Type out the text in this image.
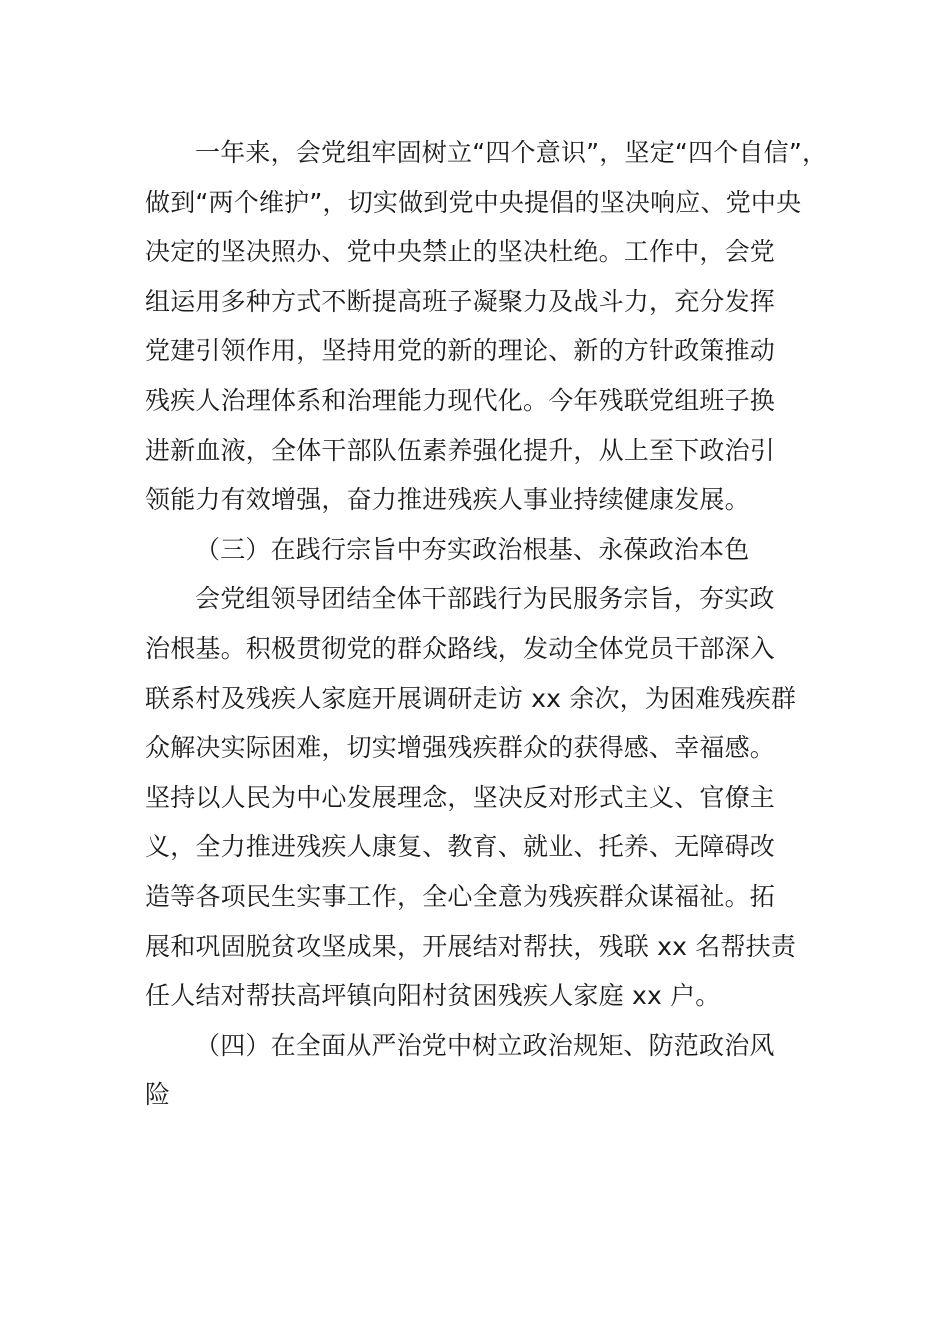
一年来，会党组牢固树立“四个意识”，坚定“四个自信”，
做到“两个维护”，切实做到党中央提倡的坚决响应、党中央
决定的坚决照办、党中央禁止的坚决杜绝。工作中，会党
组运用多种方式不断提高班子凝聚力及战斗力，充分发挥
党建引领作用，坚持用党的新的理论、新的方针政策推动
残疾人治理体系和治理能力现代化。今年残联党组班子换
进新血液，全体干部队伍素养强化提升，从上至下政治引
领能力有效增强，奋力推进残疾人事业持续健康发展。
（三）在践行宗旨中夯实政治根基、永葆政治本色
会党组领导团结全体干部践行为民服务宗旨，夯实政
治根基。积极贯彻党的群众路线，发动全体党员干部深入
联系村及残疾人家庭开展调研走访 xx 余次，为困难残疾群
众解决实际困难，切实增强残疾群众的获得感、幸福感。
坚持以人民为中心发展理念，坚决反对形式主义、官僚主
义，全力推进残疾人康复、教育、就业、托养、无障碍改
造等各项民生实事工作，全心全意为残疾群众谋福祉。拓
展和巩固脱贫攻坚成果，开展结对帮扶，残联 xx 名帮扶责
任人结对帮扶高坪镇向阳村贫困残疾人家庭 xx 户。
（四）在全面从严治党中树立政治规矩、防范政治风
险
